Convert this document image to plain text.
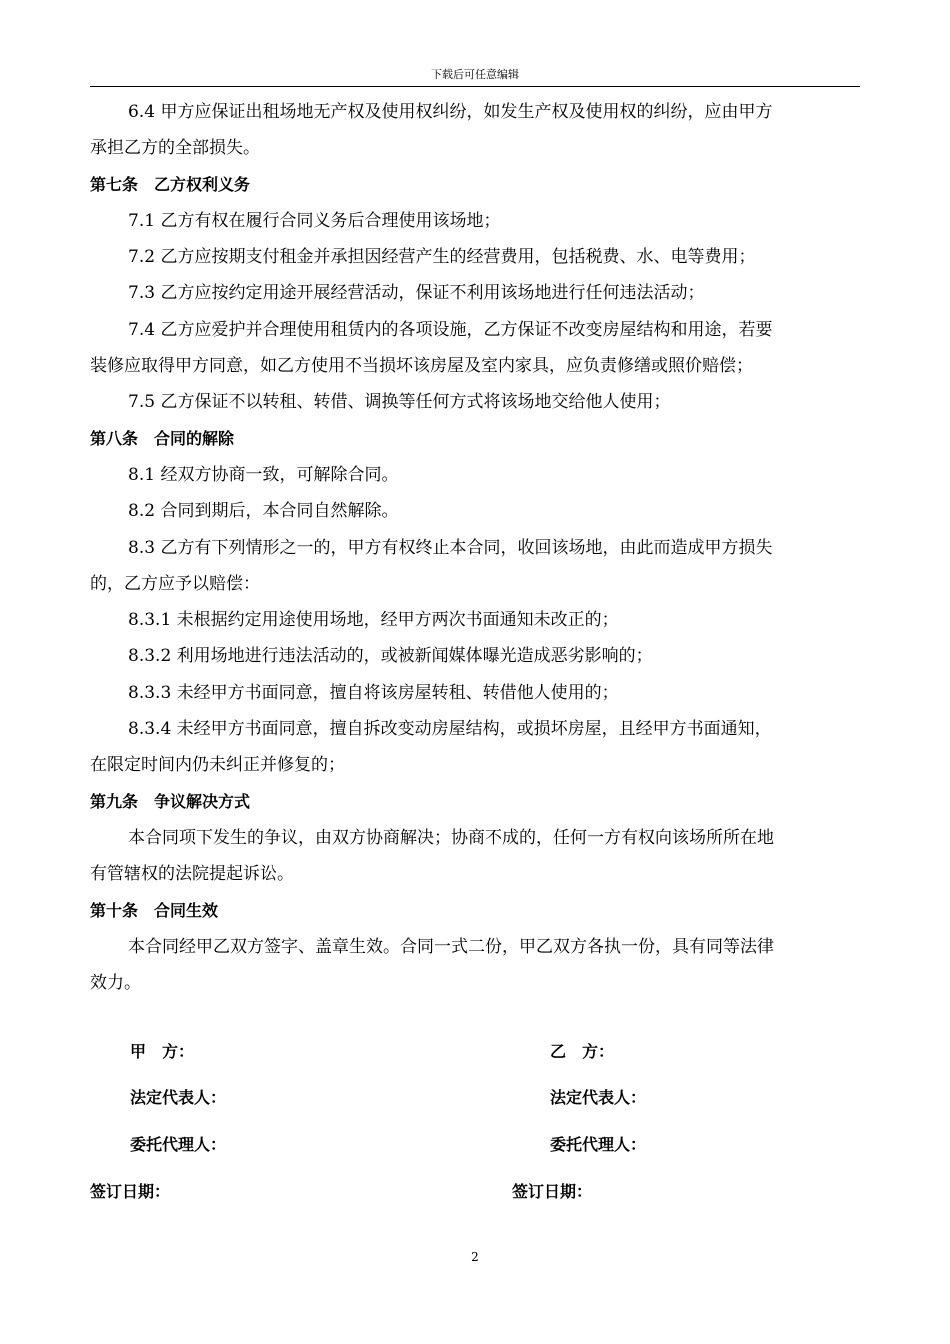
下载后可任意编辑
6.4 甲方应保证出租场地无产权及使用权纠纷，如发生产权及使用权的纠纷，应由甲方
承担乙方的全部损失。
第七条　乙方权利义务
7.1 乙方有权在履行合同义务后合理使用该场地；
7.2 乙方应按期支付租金并承担因经营产生的经营费用，包括税费、水、电等费用；
7.3 乙方应按约定用途开展经营活动，保证不利用该场地进行任何违法活动；
7.4 乙方应爱护并合理使用租赁内的各项设施，乙方保证不改变房屋结构和用途，若要
装修应取得甲方同意，如乙方使用不当损坏该房屋及室内家具，应负责修缮或照价赔偿；
7.5 乙方保证不以转租、转借、调换等任何方式将该场地交给他人使用；
第八条　合同的解除
8.1 经双方协商一致，可解除合同。
8.2 合同到期后，本合同自然解除。
8.3 乙方有下列情形之一的，甲方有权终止本合同，收回该场地，由此而造成甲方损失
的，乙方应予以赔偿：
8.3.1 未根据约定用途使用场地，经甲方两次书面通知未改正的；
8.3.2 利用场地进行违法活动的，或被新闻媒体曝光造成恶劣影响的；
8.3.3 未经甲方书面同意，擅自将该房屋转租、转借他人使用的；
8.3.4 未经甲方书面同意，擅自拆改变动房屋结构，或损坏房屋，且经甲方书面通知，
在限定时间内仍未纠正并修复的；
第九条　争议解决方式
本合同项下发生的争议，由双方协商解决；协商不成的，任何一方有权向该场所所在地
有管辖权的法院提起诉讼。
第十条　合同生效
本合同经甲乙双方签字、盖章生效。合同一式二份，甲乙双方各执一份，具有同等法律
效力。
甲　方：	乙　方：
法定代表人：	法定代表人：
委托代理人：	委托代理人：
签订日期：	签订日期：
2
